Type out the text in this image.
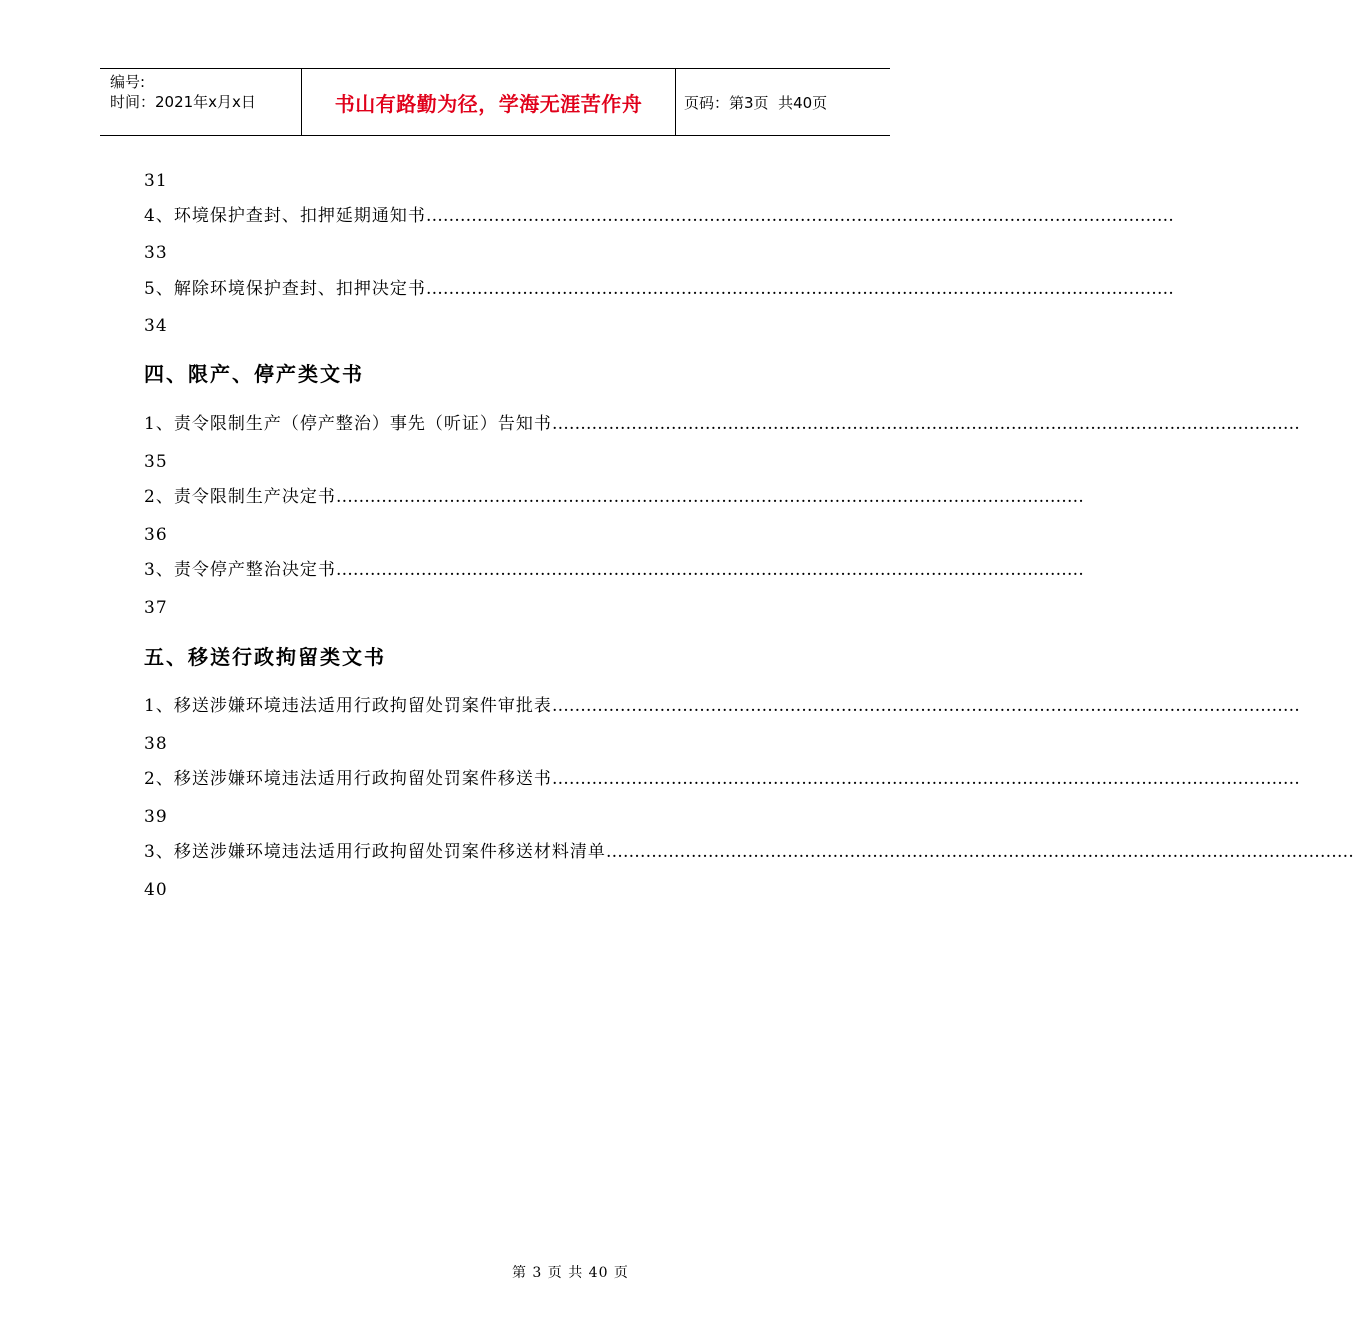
编号:
时间：2021年x月x日	书山有路勤为径，学海无涯苦作舟	页码：第3页  共40页
31
4、环境保护查封、扣押延期通知书 ……………………………………………………………………………………………………………………
33
5、解除环境保护查封、扣押决定书 ……………………………………………………………………………………………………………………
34
四、限产、停产类文书
1、责令限制生产（停产整治）事先（听证）告知书 ……………………………………………………………………………………………………………………
35
2、责令限制生产决定书 ……………………………………………………………………………………………………………………
36
3、责令停产整治决定书 ……………………………………………………………………………………………………………………
37
五、移送行政拘留类文书
1、移送涉嫌环境违法适用行政拘留处罚案件审批表 ……………………………………………………………………………………………………………………
38
2、移送涉嫌环境违法适用行政拘留处罚案件移送书 ……………………………………………………………………………………………………………………
39
3、移送涉嫌环境违法适用行政拘留处罚案件移送材料清单 ……………………………………………………………………………………………………………………
40

第 3 页 共 40 页
